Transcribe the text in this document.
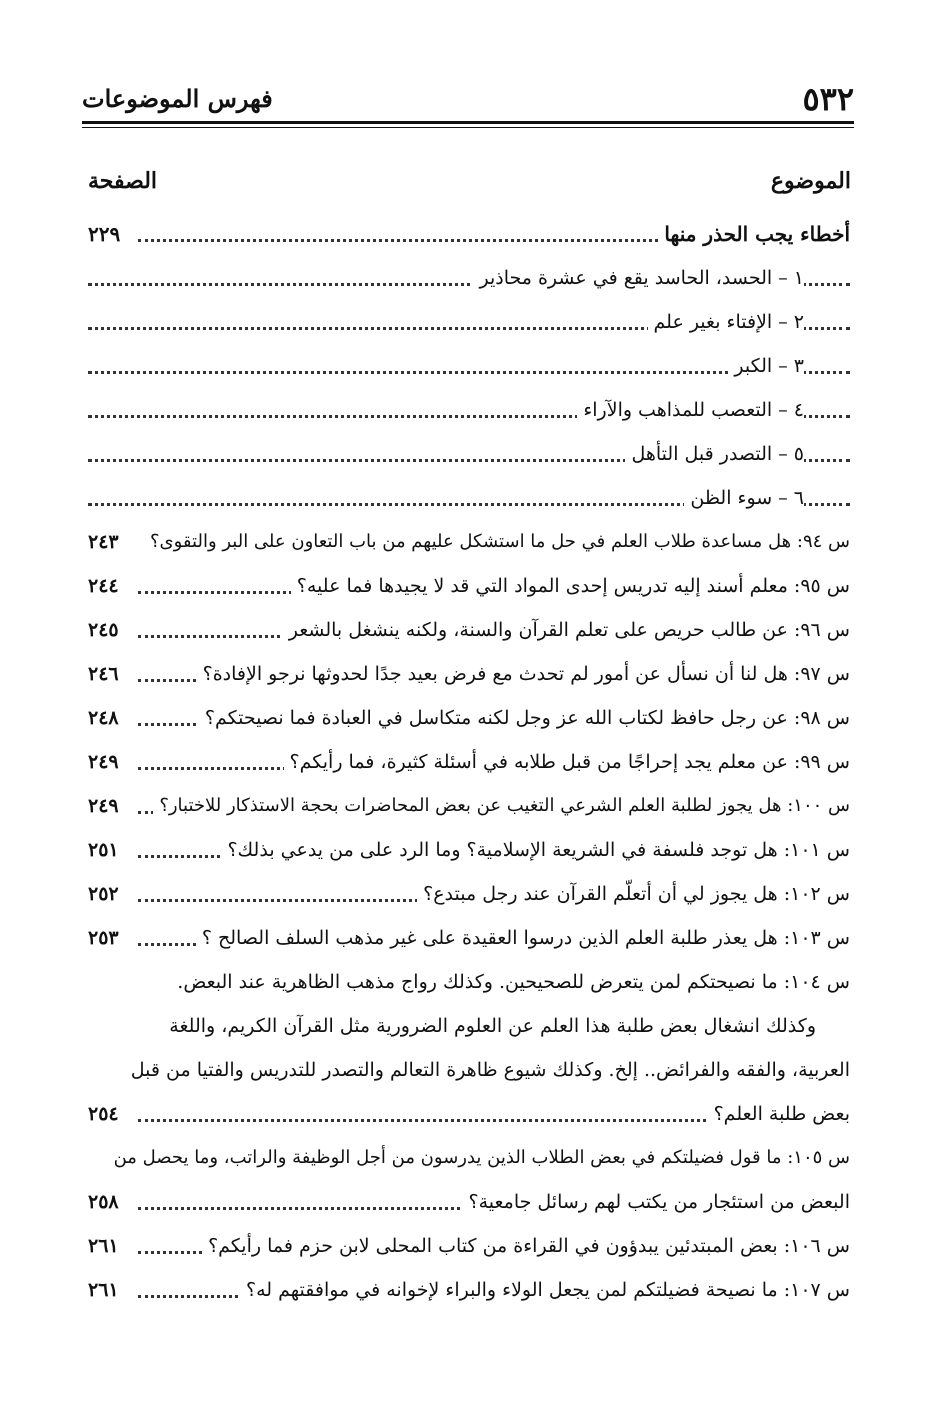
٥٣٢
فهرس الموضوعات
الموضوع
الصفحة
أخطاء يجب الحذر منها
٢٢٩
١ – الحسد، الحاسد يقع في عشرة محاذير
٢ – الإفتاء بغير علم
٣ – الكبر
٤ – التعصب للمذاهب والآراء
٥ – التصدر قبل التأهل
٦ – سوء الظن
س ٩٤: هل مساعدة طلاب العلم في حل ما استشكل عليهم من باب التعاون على البر والتقوى؟
٢٤٣
س ٩٥: معلم أسند إليه تدريس إحدى المواد التي قد لا يجيدها فما عليه؟
٢٤٤
س ٩٦: عن طالب حريص على تعلم القرآن والسنة، ولكنه ينشغل بالشعر
٢٤٥
س ٩٧: هل لنا أن نسأل عن أمور لم تحدث مع فرض بعيد جدًا لحدوثها نرجو الإفادة؟
٢٤٦
س ٩٨: عن رجل حافظ لكتاب الله عز وجل لكنه متكاسل في العبادة فما نصيحتكم؟
٢٤٨
س ٩٩: عن معلم يجد إحراجًا من قبل طلابه في أسئلة كثيرة، فما رأيكم؟
٢٤٩
س ١٠٠: هل يجوز لطلبة العلم الشرعي التغيب عن بعض المحاضرات بحجة الاستذكار للاختبار؟
٢٤٩
س ١٠١: هل توجد فلسفة في الشريعة الإسلامية؟ وما الرد على من يدعي بذلك؟
٢٥١
س ١٠٢: هل يجوز لي أن أتعلّم القرآن عند رجل مبتدع؟
٢٥٢
س ١٠٣: هل يعذر طلبة العلم الذين درسوا العقيدة على غير مذهب السلف الصالح ؟
٢٥٣
س ١٠٤: ما نصيحتكم لمن يتعرض للصحيحين. وكذلك رواج مذهب الظاهرية عند البعض.
وكذلك انشغال بعض طلبة هذا العلم عن العلوم الضرورية مثل القرآن الكريم، واللغة
العربية، والفقه والفرائض.. إلخ. وكذلك شيوع ظاهرة التعالم والتصدر للتدريس والفتيا من قبل
بعض طلبة العلم؟
٢٥٤
س ١٠٥: ما قول فضيلتكم في بعض الطلاب الذين يدرسون من أجل الوظيفة والراتب، وما يحصل من
البعض من استئجار من يكتب لهم رسائل جامعية؟
٢٥٨
س ١٠٦: بعض المبتدئين يبدؤون في القراءة من كتاب المحلى لابن حزم فما رأيكم؟
٢٦١
س ١٠٧: ما نصيحة فضيلتكم لمن يجعل الولاء والبراء لإخوانه في موافقتهم له؟
٢٦١
